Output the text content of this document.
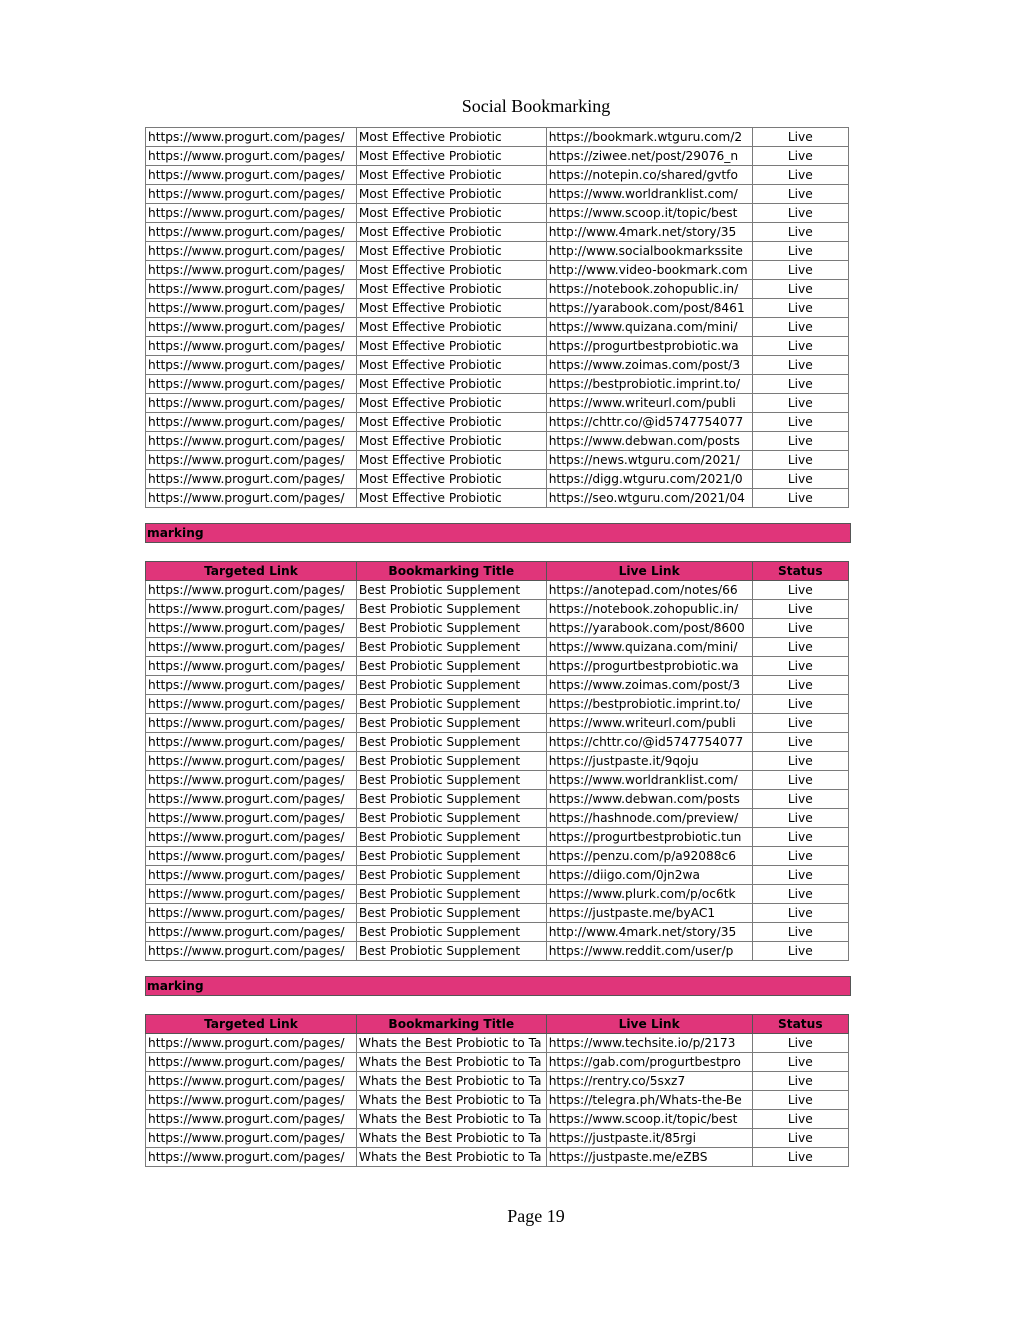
Social Bookmarking
https://www.progurt.com/pages/	Most Effective Probiotic	https://bookmark.wtguru.com/2	Live
https://www.progurt.com/pages/	Most Effective Probiotic	https://ziwee.net/post/29076_n	Live
https://www.progurt.com/pages/	Most Effective Probiotic	https://notepin.co/shared/gvtfo	Live
https://www.progurt.com/pages/	Most Effective Probiotic	https://www.worldranklist.com/	Live
https://www.progurt.com/pages/	Most Effective Probiotic	https://www.scoop.it/topic/best	Live
https://www.progurt.com/pages/	Most Effective Probiotic	http://www.4mark.net/story/35	Live
https://www.progurt.com/pages/	Most Effective Probiotic	http://www.socialbookmarkssite	Live
https://www.progurt.com/pages/	Most Effective Probiotic	http://www.video-bookmark.com	Live
https://www.progurt.com/pages/	Most Effective Probiotic	https://notebook.zohopublic.in/	Live
https://www.progurt.com/pages/	Most Effective Probiotic	https://yarabook.com/post/8461	Live
https://www.progurt.com/pages/	Most Effective Probiotic	https://www.quizana.com/mini/	Live
https://www.progurt.com/pages/	Most Effective Probiotic	https://progurtbestprobiotic.wa	Live
https://www.progurt.com/pages/	Most Effective Probiotic	https://www.zoimas.com/post/3	Live
https://www.progurt.com/pages/	Most Effective Probiotic	https://bestprobiotic.imprint.to/	Live
https://www.progurt.com/pages/	Most Effective Probiotic	https://www.writeurl.com/publi	Live
https://www.progurt.com/pages/	Most Effective Probiotic	https://chttr.co/@id5747754077	Live
https://www.progurt.com/pages/	Most Effective Probiotic	https://www.debwan.com/posts	Live
https://www.progurt.com/pages/	Most Effective Probiotic	https://news.wtguru.com/2021/	Live
https://www.progurt.com/pages/	Most Effective Probiotic	https://digg.wtguru.com/2021/0	Live
https://www.progurt.com/pages/	Most Effective Probiotic	https://seo.wtguru.com/2021/04	Live
marking
Targeted Link	Bookmarking Title	Live Link	Status
https://www.progurt.com/pages/	Best Probiotic Supplement	https://anotepad.com/notes/66	Live
https://www.progurt.com/pages/	Best Probiotic Supplement	https://notebook.zohopublic.in/	Live
https://www.progurt.com/pages/	Best Probiotic Supplement	https://yarabook.com/post/8600	Live
https://www.progurt.com/pages/	Best Probiotic Supplement	https://www.quizana.com/mini/	Live
https://www.progurt.com/pages/	Best Probiotic Supplement	https://progurtbestprobiotic.wa	Live
https://www.progurt.com/pages/	Best Probiotic Supplement	https://www.zoimas.com/post/3	Live
https://www.progurt.com/pages/	Best Probiotic Supplement	https://bestprobiotic.imprint.to/	Live
https://www.progurt.com/pages/	Best Probiotic Supplement	https://www.writeurl.com/publi	Live
https://www.progurt.com/pages/	Best Probiotic Supplement	https://chttr.co/@id5747754077	Live
https://www.progurt.com/pages/	Best Probiotic Supplement	https://justpaste.it/9qoju	Live
https://www.progurt.com/pages/	Best Probiotic Supplement	https://www.worldranklist.com/	Live
https://www.progurt.com/pages/	Best Probiotic Supplement	https://www.debwan.com/posts	Live
https://www.progurt.com/pages/	Best Probiotic Supplement	https://hashnode.com/preview/	Live
https://www.progurt.com/pages/	Best Probiotic Supplement	https://progurtbestprobiotic.tun	Live
https://www.progurt.com/pages/	Best Probiotic Supplement	https://penzu.com/p/a92088c6	Live
https://www.progurt.com/pages/	Best Probiotic Supplement	https://diigo.com/0jn2wa	Live
https://www.progurt.com/pages/	Best Probiotic Supplement	https://www.plurk.com/p/oc6tk	Live
https://www.progurt.com/pages/	Best Probiotic Supplement	https://justpaste.me/byAC1	Live
https://www.progurt.com/pages/	Best Probiotic Supplement	http://www.4mark.net/story/35	Live
https://www.progurt.com/pages/	Best Probiotic Supplement	https://www.reddit.com/user/p	Live
marking
Targeted Link	Bookmarking Title	Live Link	Status
https://www.progurt.com/pages/	Whats the Best Probiotic to Ta	https://www.techsite.io/p/2173	Live
https://www.progurt.com/pages/	Whats the Best Probiotic to Ta	https://gab.com/progurtbestpro	Live
https://www.progurt.com/pages/	Whats the Best Probiotic to Ta	https://rentry.co/5sxz7	Live
https://www.progurt.com/pages/	Whats the Best Probiotic to Ta	https://telegra.ph/Whats-the-Be	Live
https://www.progurt.com/pages/	Whats the Best Probiotic to Ta	https://www.scoop.it/topic/best	Live
https://www.progurt.com/pages/	Whats the Best Probiotic to Ta	https://justpaste.it/85rgi	Live
https://www.progurt.com/pages/	Whats the Best Probiotic to Ta	https://justpaste.me/eZBS	Live
Page 19
